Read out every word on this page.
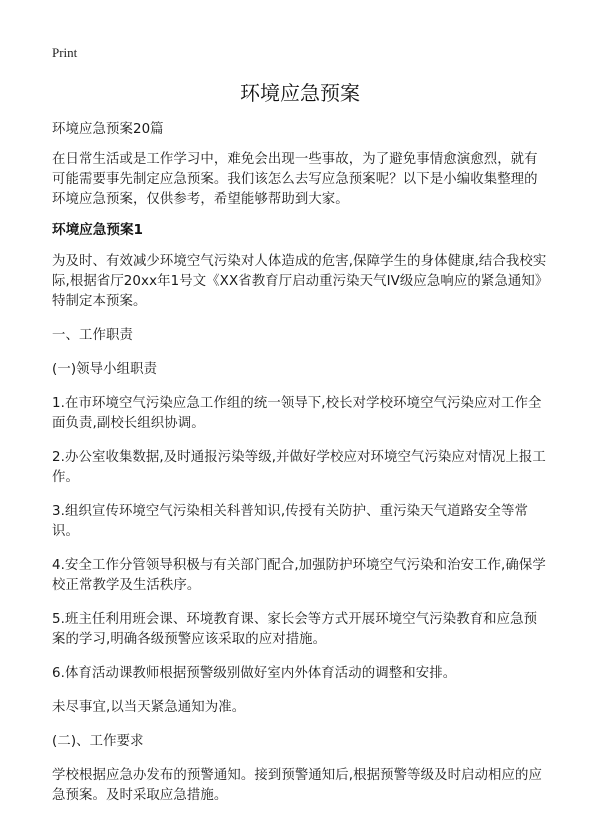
Print
环境应急预案

环境应急预案20篇

在日常生活或是工作学习中，难免会出现一些事故，为了避免事情愈演愈烈，就有可能需要事先制定应急预案。我们该怎么去写应急预案呢？以下是小编收集整理的环境应急预案，仅供参考，希望能够帮助到大家。

环境应急预案1

为及时、有效减少环境空气污染对人体造成的危害,保障学生的身体健康,结合我校实际,根据省厅20xx年1号文《XX省教育厅启动重污染天气IV级应急响应的紧急通知》特制定本预案。

一、工作职责

(一)领导小组职责

1.在市环境空气污染应急工作组的统一领导下,校长对学校环境空气污染应对工作全面负责,副校长组织协调。

2.办公室收集数据,及时通报污染等级,并做好学校应对环境空气污染应对情况上报工作。

3.组织宣传环境空气污染相关科普知识,传授有关防护、重污染天气道路安全等常识。

4.安全工作分管领导积极与有关部门配合,加强防护环境空气污染和治安工作,确保学校正常教学及生活秩序。

5.班主任利用班会课、环境教育课、家长会等方式开展环境空气污染教育和应急预案的学习,明确各级预警应该采取的应对措施。

6.体育活动课教师根据预警级别做好室内外体育活动的调整和安排。

未尽事宜,以当天紧急通知为准。

(二)、工作要求

学校根据应急办发布的预警通知。接到预警通知后,根据预警等级及时启动相应的应急预案。及时采取应急措施。
